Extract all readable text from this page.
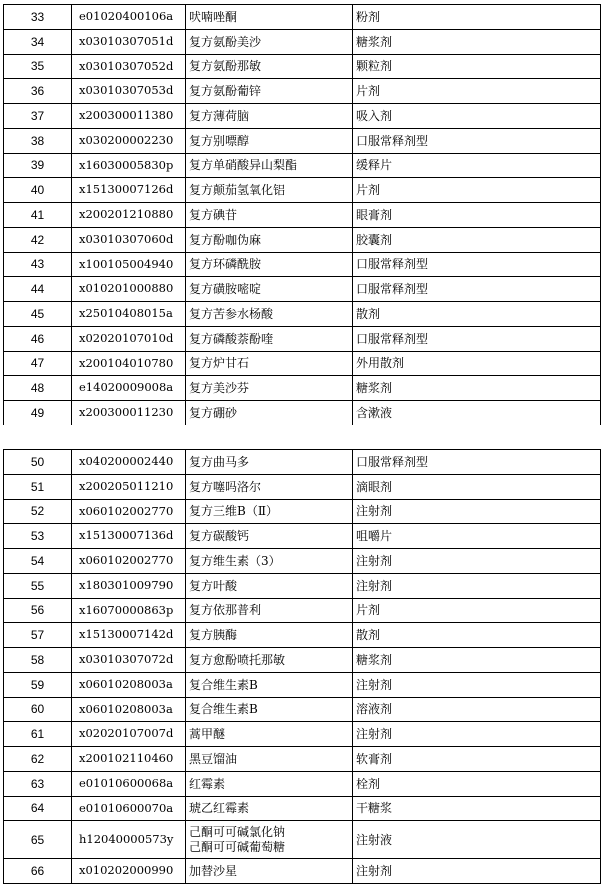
33	e01020400106a	吠喃唑酮	粉剂
34	x03010307051d	复方氨酚美沙	糖浆剂
35	x03010307052d	复方氨酚那敏	颗粒剂
36	x03010307053d	复方氨酚葡锌	片剂
37	x200300011380	复方薄荷脑	吸入剂
38	x030200002230	复方别嘌醇	口服常释剂型
39	x16030005830p	复方单硝酸异山梨酯	缓释片
40	x15130007126d	复方颠茄氢氧化铝	片剂
41	x200201210880	复方碘苷	眼膏剂
42	x03010307060d	复方酚咖伪麻	胶囊剂
43	x100105004940	复方环磷酰胺	口服常释剂型
44	x010201000880	复方磺胺嘧啶	口服常释剂型
45	x25010408015a	复方苦参水杨酸	散剂
46	x02020107010d	复方磷酸萘酚喹	口服常释剂型
47	x200104010780	复方炉甘石	外用散剂
48	e14020009008a	复方美沙芬	糖浆剂
49	x200300011230	复方硼砂	含漱液
50	x040200002440	复方曲马多	口服常释剂型
51	x200205011210	复方噻吗洛尔	滴眼剂
52	x060102002770	复方三维B（Ⅱ）	注射剂
53	x15130007136d	复方碳酸钙	咀嚼片
54	x060102002770	复方维生素（3）	注射剂
55	x180301009790	复方叶酸	注射剂
56	x16070000863p	复方依那普利	片剂
57	x15130007142d	复方胰酶	散剂
58	x03010307072d	复方愈酚喷托那敏	糖浆剂
59	x06010208003a	复合维生素B	注射剂
60	x06010208003a	复合维生素B	溶液剂
61	x02020107007d	蒿甲醚	注射剂
62	x200102110460	黑豆馏油	软膏剂
63	e01010600068a	红霉素	栓剂
64	e01010600070a	琥乙红霉素	干糖浆
65	h12040000573y	己酮可可碱氯化钠
己酮可可碱葡萄糖	注射液
66	x010202000990	加替沙星	注射剂
